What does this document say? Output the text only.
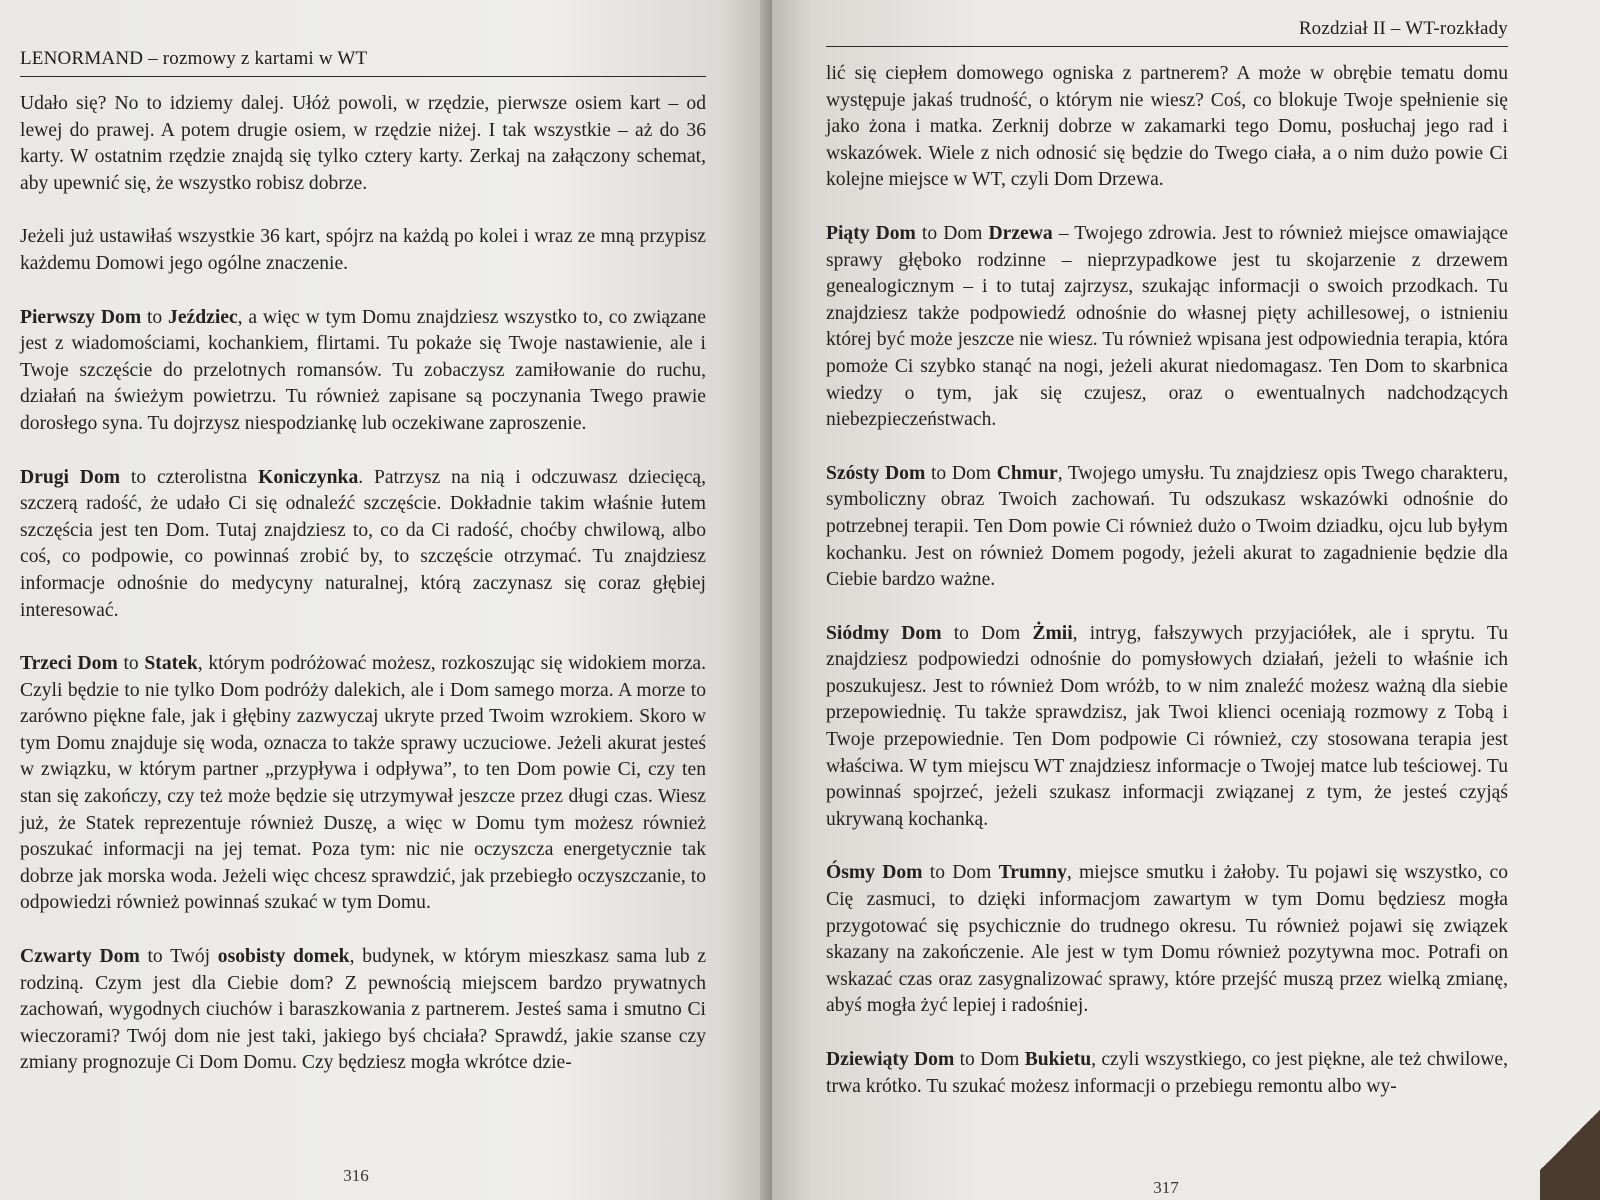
LENORMAND – rozmowy z kartami w WT

Udało się? No to idziemy dalej. Ułóż powoli, w rzędzie, pierwsze osiem kart – od lewej do prawej. A potem drugie osiem, w rzędzie niżej. I tak wszystkie – aż do 36 karty. W ostatnim rzędzie znajdą się tylko cztery karty. Zerkaj na załączony schemat, aby upewnić się, że wszystko robisz dobrze.

Jeżeli już ustawiłaś wszystkie 36 kart, spójrz na każdą po kolei i wraz ze mną przypisz każdemu Domowi jego ogólne znaczenie.

Pierwszy Dom to Jeździec, a więc w tym Domu znajdziesz wszystko to, co związane jest z wiadomościami, kochankiem, flirtami. Tu pokaże się Twoje nastawienie, ale i Twoje szczęście do przelotnych romansów. Tu zobaczysz zamiłowanie do ruchu, działań na świeżym powietrzu. Tu również zapisane są poczynania Twego prawie dorosłego syna. Tu dojrzysz niespodziankę lub oczekiwane zaproszenie.

Drugi Dom to czterolistna Koniczynka. Patrzysz na nią i odczuwasz dziecięcą, szczerą radość, że udało Ci się odnaleźć szczęście. Dokładnie takim właśnie łutem szczęścia jest ten Dom. Tutaj znajdziesz to, co da Ci radość, choćby chwilową, albo coś, co podpowie, co powinnaś zrobić by, to szczęście otrzymać. Tu znajdziesz informacje odnośnie do medycyny naturalnej, którą zaczynasz się coraz głębiej interesować.

Trzeci Dom to Statek, którym podróżować możesz, rozkoszując się widokiem morza. Czyli będzie to nie tylko Dom podróży dalekich, ale i Dom samego morza. A morze to zarówno piękne fale, jak i głębiny zazwyczaj ukryte przed Twoim wzrokiem. Skoro w tym Domu znajduje się woda, oznacza to także sprawy uczuciowe. Jeżeli akurat jesteś w związku, w którym partner „przypływa i odpływa”, to ten Dom powie Ci, czy ten stan się zakończy, czy też może będzie się utrzymywał jeszcze przez długi czas. Wiesz już, że Statek reprezentuje również Duszę, a więc w Domu tym możesz również poszukać informacji na jej temat. Poza tym: nic nie oczyszcza energetycznie tak dobrze jak morska woda. Jeżeli więc chcesz sprawdzić, jak przebiegło oczyszczanie, to odpowiedzi również powinnaś szukać w tym Domu.

Czwarty Dom to Twój osobisty domek, budynek, w którym mieszkasz sama lub z rodziną. Czym jest dla Ciebie dom? Z pewnością miejscem bardzo prywatnych zachowań, wygodnych ciuchów i baraszkowania z partnerem. Jesteś sama i smutno Ci wieczorami? Twój dom nie jest taki, jakiego byś chciała? Sprawdź, jakie szanse czy zmiany prognozuje Ci Dom Domu. Czy będziesz mogła wkrótce dzie-

316
Rozdział II – WT-rozkłady

lić się ciepłem domowego ogniska z partnerem? A może w obrębie tematu domu występuje jakaś trudność, o którym nie wiesz? Coś, co blokuje Twoje spełnienie się jako żona i matka. Zerknij dobrze w zakamarki tego Domu, posłuchaj jego rad i wskazówek. Wiele z nich odnosić się będzie do Twego ciała, a o nim dużo powie Ci kolejne miejsce w WT, czyli Dom Drzewa.

Piąty Dom to Dom Drzewa – Twojego zdrowia. Jest to również miejsce omawiające sprawy głęboko rodzinne – nieprzypadkowe jest tu skojarzenie z drzewem genealogicznym – i to tutaj zajrzysz, szukając informacji o swoich przodkach. Tu znajdziesz także podpowiedź odnośnie do własnej pięty achillesowej, o istnieniu której być może jeszcze nie wiesz. Tu również wpisana jest odpowiednia terapia, która pomoże Ci szybko stanąć na nogi, jeżeli akurat niedomagasz. Ten Dom to skarbnica wiedzy o tym, jak się czujesz, oraz o ewentualnych nadchodzących niebezpieczeństwach.

Szósty Dom to Dom Chmur, Twojego umysłu. Tu znajdziesz opis Twego charakteru, symboliczny obraz Twoich zachowań. Tu odszukasz wskazówki odnośnie do potrzebnej terapii. Ten Dom powie Ci również dużo o Twoim dziadku, ojcu lub byłym kochanku. Jest on również Domem pogody, jeżeli akurat to zagadnienie będzie dla Ciebie bardzo ważne.

Siódmy Dom to Dom Żmii, intryg, fałszywych przyjaciółek, ale i sprytu. Tu znajdziesz podpowiedzi odnośnie do pomysłowych działań, jeżeli to właśnie ich poszukujesz. Jest to również Dom wróżb, to w nim znaleźć możesz ważną dla siebie przepowiednię. Tu także sprawdzisz, jak Twoi klienci oceniają rozmowy z Tobą i Twoje przepowiednie. Ten Dom podpowie Ci również, czy stosowana terapia jest właściwa. W tym miejscu WT znajdziesz informacje o Twojej matce lub teściowej. Tu powinnaś spojrzeć, jeżeli szukasz informacji związanej z tym, że jesteś czyjąś ukrywaną kochanką.

Ósmy Dom to Dom Trumny, miejsce smutku i żałoby. Tu pojawi się wszystko, co Cię zasmuci, to dzięki informacjom zawartym w tym Domu będziesz mogła przygotować się psychicznie do trudnego okresu. Tu również pojawi się związek skazany na zakończenie. Ale jest w tym Domu również pozytywna moc. Potrafi on wskazać czas oraz zasygnalizować sprawy, które przejść muszą przez wielką zmianę, abyś mogła żyć lepiej i radośniej.

Dziewiąty Dom to Dom Bukietu, czyli wszystkiego, co jest piękne, ale też chwilowe, trwa krótko. Tu szukać możesz informacji o przebiegu remontu albo wy-

317
